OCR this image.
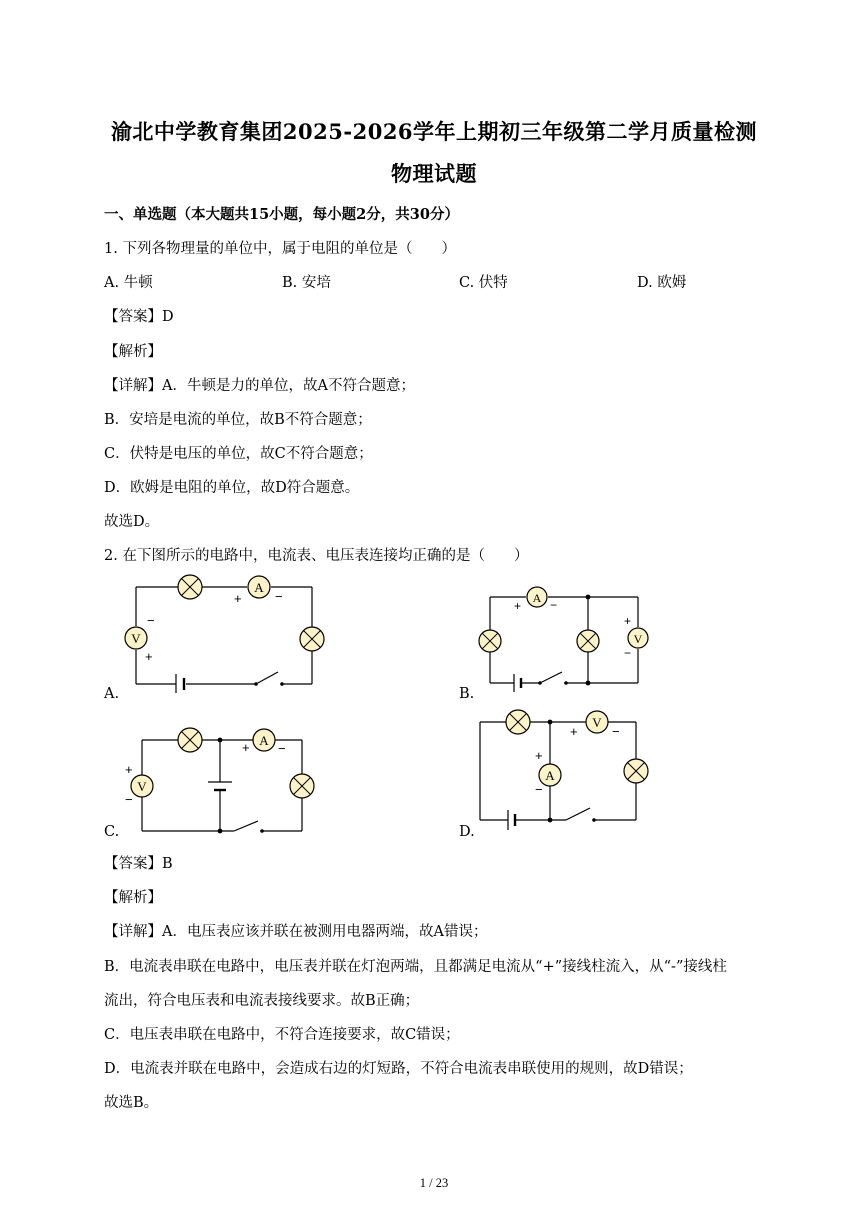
渝北中学教育集团2025-2026学年上期初三年级第二学月质量检测
物理试题
一、单选题（本大题共15小题，每小题2分，共30分）
1. 下列各物理量的单位中，属于电阻的单位是（　　）
A. 牛顿	B. 安培	C. 伏特	D. 欧姆
【答案】D
【解析】
【详解】A．牛顿是力的单位，故A不符合题意；
B．安培是电流的单位，故B不符合题意；
C．伏特是电压的单位，故C不符合题意；
D．欧姆是电阻的单位，故D符合题意。
故选D。
2. 在下图所示的电路中，电流表、电压表连接均正确的是（　　）
A
V
+	−
−
+
A.
A
V
+ −
+
−
B.
A
V
+ −
+
−
C.
V
A
+	−
+
−
D.
【答案】B
【解析】
【详解】A．电压表应该并联在被测用电器两端，故A错误；
B．电流表串联在电路中，电压表并联在灯泡两端，且都满足电流从“+”接线柱流入，从“-”接线柱
流出，符合电压表和电流表接线要求。故B正确；
C．电压表串联在电路中，不符合连接要求，故C错误；
D．电流表并联在电路中，会造成右边的灯短路，不符合电流表串联使用的规则，故D错误；
故选B。
1 / 23
